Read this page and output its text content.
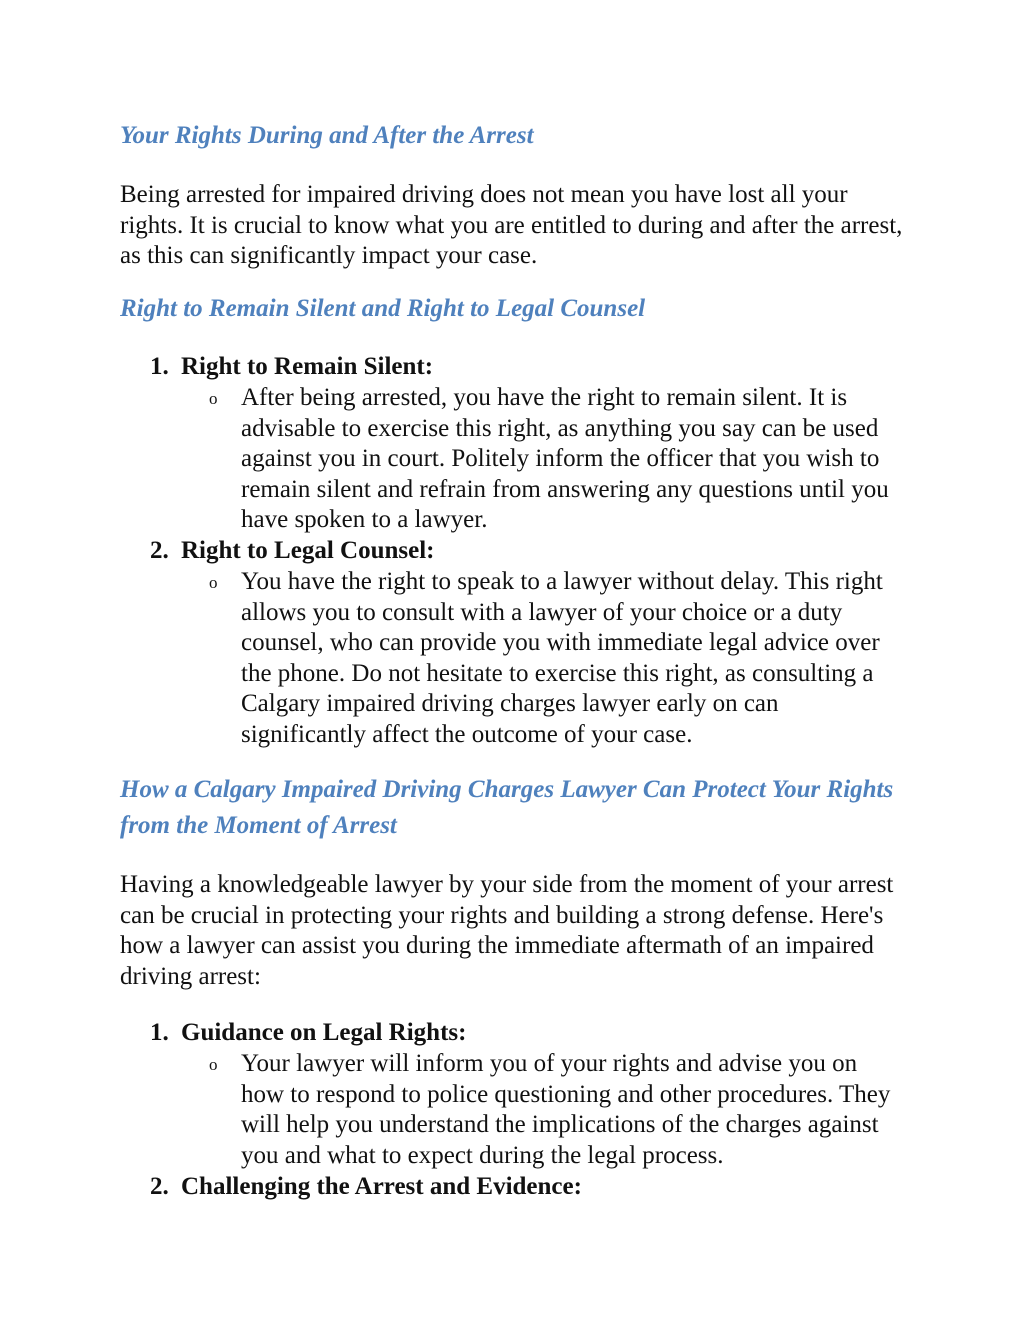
Your Rights During and After the Arrest

Being arrested for impaired driving does not mean you have lost all your rights. It is crucial to know what you are entitled to during and after the arrest, as this can significantly impact your case.

Right to Remain Silent and Right to Legal Counsel
1. Right to Remain Silent:
o After being arrested, you have the right to remain silent. It is advisable to exercise this right, as anything you say can be used against you in court. Politely inform the officer that you wish to remain silent and refrain from answering any questions until you have spoken to a lawyer.
2. Right to Legal Counsel:
o You have the right to speak to a lawyer without delay. This right allows you to consult with a lawyer of your choice or a duty counsel, who can provide you with immediate legal advice over the phone. Do not hesitate to exercise this right, as consulting a Calgary impaired driving charges lawyer early on can significantly affect the outcome of your case.
How a Calgary Impaired Driving Charges Lawyer Can Protect Your Rights from the Moment of Arrest

Having a knowledgeable lawyer by your side from the moment of your arrest can be crucial in protecting your rights and building a strong defense. Here's how a lawyer can assist you during the immediate aftermath of an impaired driving arrest:

1. Guidance on Legal Rights:
o Your lawyer will inform you of your rights and advise you on how to respond to police questioning and other procedures. They will help you understand the implications of the charges against you and what to expect during the legal process.
2. Challenging the Arrest and Evidence:
